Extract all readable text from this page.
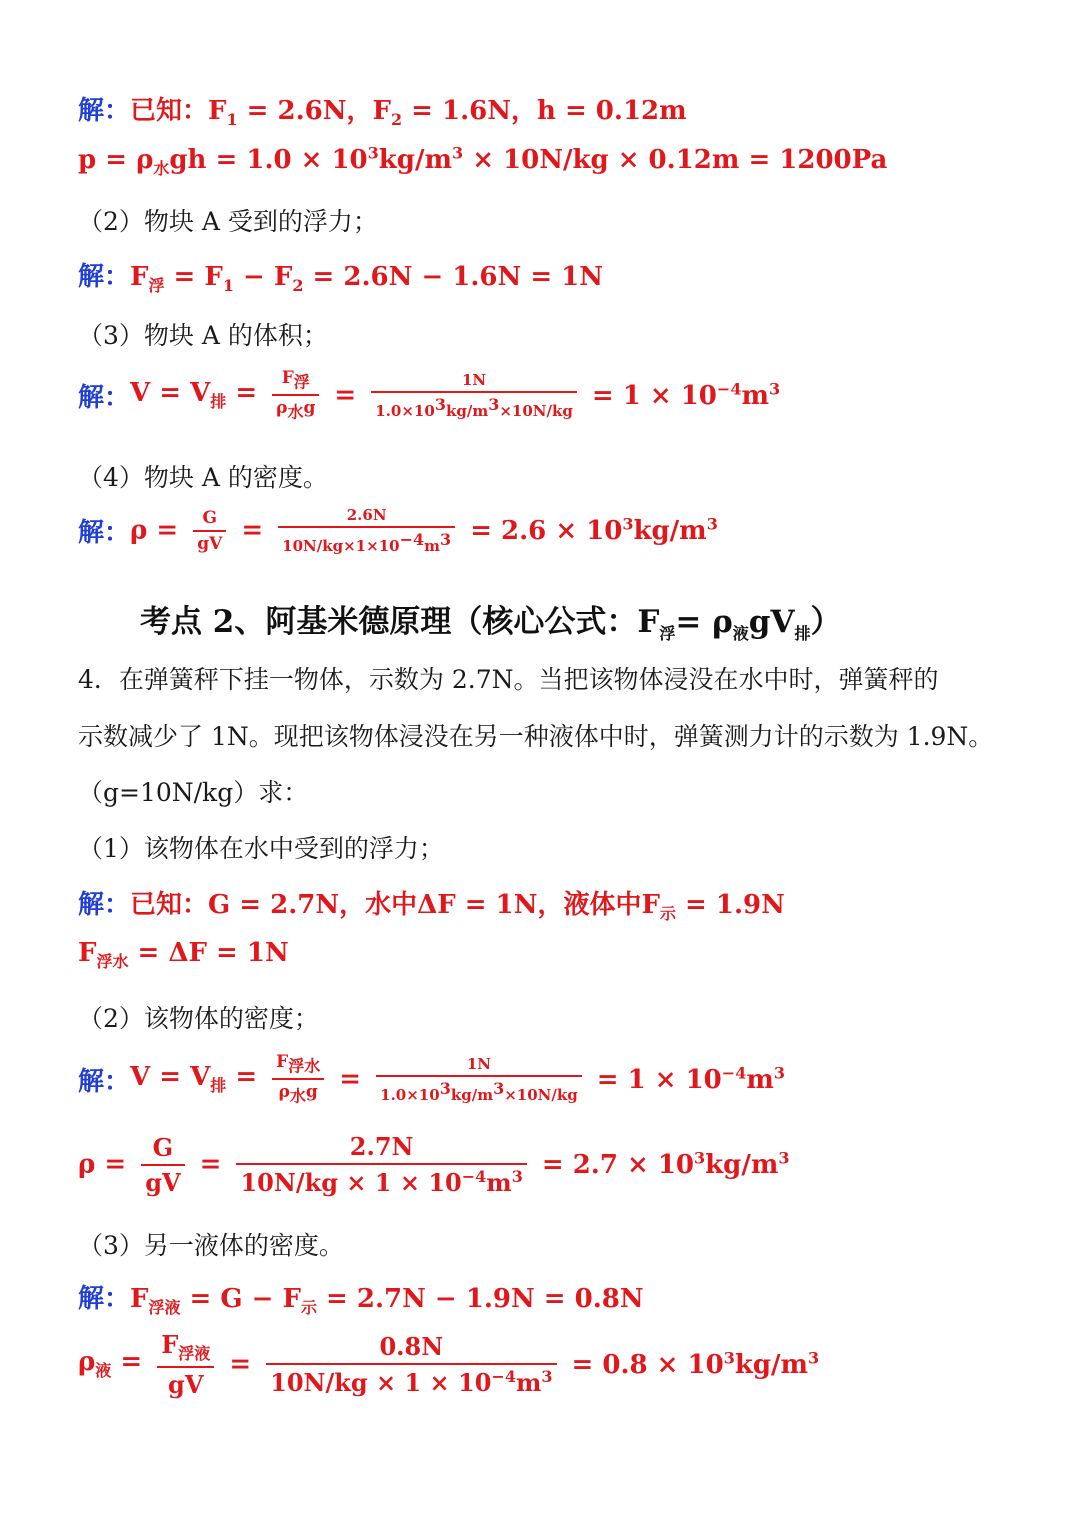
解：已知：$F_1 = 2.6N$，$F_2 = 1.6N$，h = 0.12m
$p = \rho_水gh = 1.0 \times 10^3kg/m^3 \times 10N/kg \times 0.12m = 1200Pa$
（2）物块 A 受到的浮力；
解：$F_浮 = F_1 - F_2 = 2.6N - 1.6N = 1N$
（3）物块 A 的体积；
解：$V = V_排 = \frac{F_浮}{\rho_水g} = \frac{1N}{1.0\times 10^3kg/m^3\times 10N/kg} = 1 \times 10^{-4}m^3$
（4）物块 A 的密度。
解：$\rho = \frac{G}{gV} = \frac{2.6N}{10N/kg\times 1\times 10^{-4}m^3} = 2.6 \times 10^3kg/m^3$
考点 2、阿基米德原理（核心公式：$F_浮= \rho_液gV_排$）
4．在弹簧秤下挂一物体，示数为 2.7N。当把该物体浸没在水中时，弹簧秤的
示数减少了 1N。现把该物体浸没在另一种液体中时，弹簧测力计的示数为 1.9N。
（g=10N/kg）求：
（1）该物体在水中受到的浮力；
解：已知：G = 2.7N，水中ΔF = 1N，液体中$F_示 = 1.9N$
$F_{浮水} = \Delta F = 1N$
（2）该物体的密度；
解：$V = V_排 = \frac{F_{浮水}}{\rho_水g} = \frac{1N}{1.0\times 10^3kg/m^3\times 10N/kg} = 1 \times 10^{-4}m^3$
$\rho = \frac{G}{gV} = \frac{2.7N}{10N/kg \times 1 \times 10^{-4}m^3} = 2.7 \times 10^3kg/m^3$
（3）另一液体的密度。
解：$F_{浮液} = G - F_示 = 2.7N - 1.9N = 0.8N$
$\rho_液 = \frac{F_{浮液}}{gV} = \frac{0.8N}{10N/kg \times 1 \times 10^{-4}m^3} = 0.8 \times 10^3kg/m^3$
